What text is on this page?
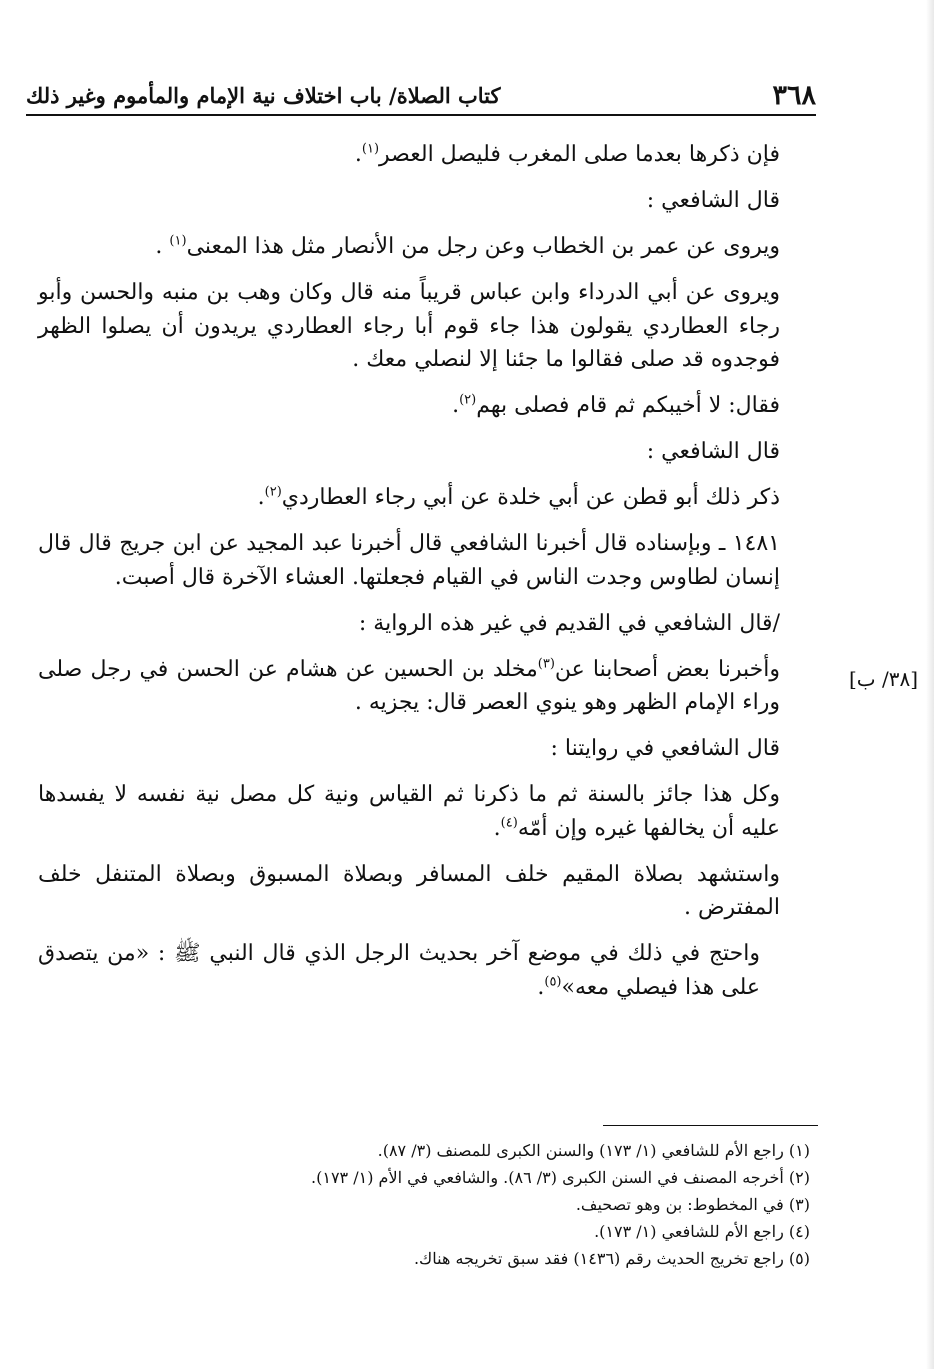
٣٦٨
كتاب الصلاة/ باب اختلاف نية الإمام والمأموم وغير ذلك

فإن ذكرها بعدما صلى المغرب فليصل العصر$^{(١)}$.

قال الشافعي :

ويروى عن عمر بن الخطاب وعن رجل من الأنصار مثل هذا المعنى$^{(١)}$ .

ويروى عن أبي الدرداء وابن عباس قريباً منه قال وكان وهب بن منبه والحسن وأبو رجاء العطاردي يقولون هذا جاء قوم أبا رجاء العطاردي يريدون أن يصلوا الظهر فوجدوه قد صلى فقالوا ما جئنا إلا لنصلي معك .

فقال: لا أخيبكم ثم قام فصلى بهم$^{(٢)}$.

قال الشافعي :

ذكر ذلك أبو قطن عن أبي خلدة عن أبي رجاء العطاردي$^{(٢)}$.

١٤٨١ ـ وبإسناده قال أخبرنا الشافعي قال أخبرنا عبد المجيد عن ابن جريج قال قال إنسان لطاوس وجدت الناس في القيام فجعلتها. العشاء الآخرة قال أصبت.

/قال الشافعي في القديم في غير هذه الرواية :

وأخبرنا بعض أصحابنا عن$^{(٣)}$مخلد بن الحسين عن هشام عن الحسن في رجل صلى وراء الإمام الظهر وهو ينوي العصر قال: يجزيه .

قال الشافعي في روايتنا :

وكل هذا جائز بالسنة ثم ما ذكرنا ثم القياس ونية كل مصل نية نفسه لا يفسدها عليه أن يخالفها غيره وإن أمّه$^{(٤)}$.

واستشهد بصلاة المقيم خلف المسافر وبصلاة المسبوق وبصلاة المتنفل خلف المفترض .

واحتج في ذلك في موضع آخر بحديث الرجل الذي قال النبي ﷺ : «من يتصدق على هذا فيصلي معه»$^{(٥)}$.

[٣٨/ ب]

(١) راجع الأم للشافعي (١/ ١٧٣) والسنن الكبرى للمصنف (٣/ ٨٧).

(٢) أخرجه المصنف في السنن الكبرى (٣/ ٨٦). والشافعي في الأم (١/ ١٧٣).

(٣) في المخطوط: بن وهو تصحيف.

(٤) راجع الأم للشافعي (١/ ١٧٣).

(٥) راجع تخريج الحديث رقم (١٤٣٦) فقد سبق تخريجه هناك.
